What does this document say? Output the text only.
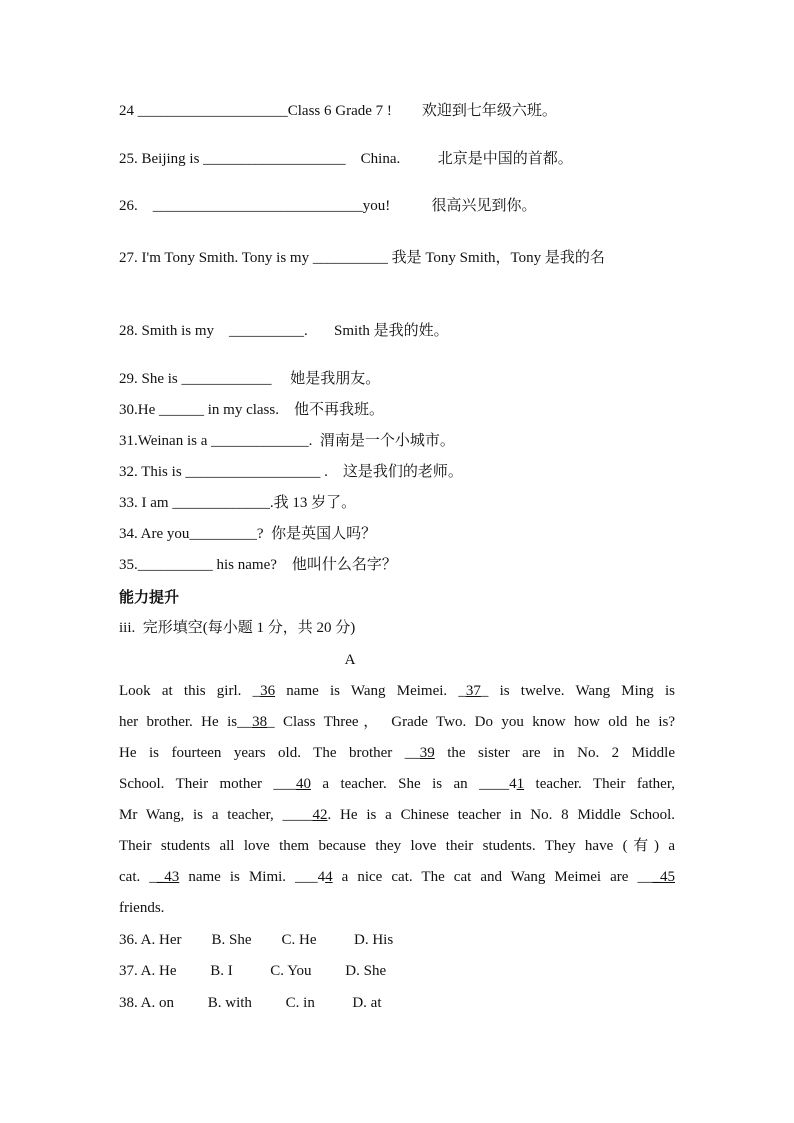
24 ____________________Class 6 Grade 7 !        欢迎到七年级六班。
25. Beijing is ___________________    China.          北京是中国的首都。
26.    ____________________________you!           很高兴见到你。
27. I'm Tony Smith. Tony is my __________ 我是 Tony Smith，Tony 是我的名
28. Smith is my    __________.       Smith 是我的姓。
29. She is ____________     她是我朋友。
30.He ______ in my class.    他不再我班。
31.Weinan is a _____________.  渭南是一个小城市。
32. This is __________________ .    这是我们的老师。
33. I am _____________.我 13 岁了。
34. Are you_________?  你是英国人吗？
35.__________ his name?    他叫什么名字？
能力提升
iii.  完形填空(每小题 1 分，共 20 分)
A
Look at this girl. _36 name is Wang Meimei. _37_ is twelve. Wang Ming is
her brother. He is__38_ Class Three， Grade Two. Do you know how old he is?
He is fourteen years old. The brother __39 the sister are in No. 2 Middle
School. Their mother ___40 a teacher. She is an ____41 teacher. Their father,
Mr Wang, is a teacher, ____42. He is a Chinese teacher in No. 8 Middle School.
Their students all love them because they love their students. They have (有) a
cat. __43 name is Mimi. ___44 a nice cat. The cat and Wang Meimei are ___45
friends.
36. A. Her        B. She        C. He          D. His
37. A. He         B. I          C. You         D. She
38. A. on         B. with         C. in          D. at
